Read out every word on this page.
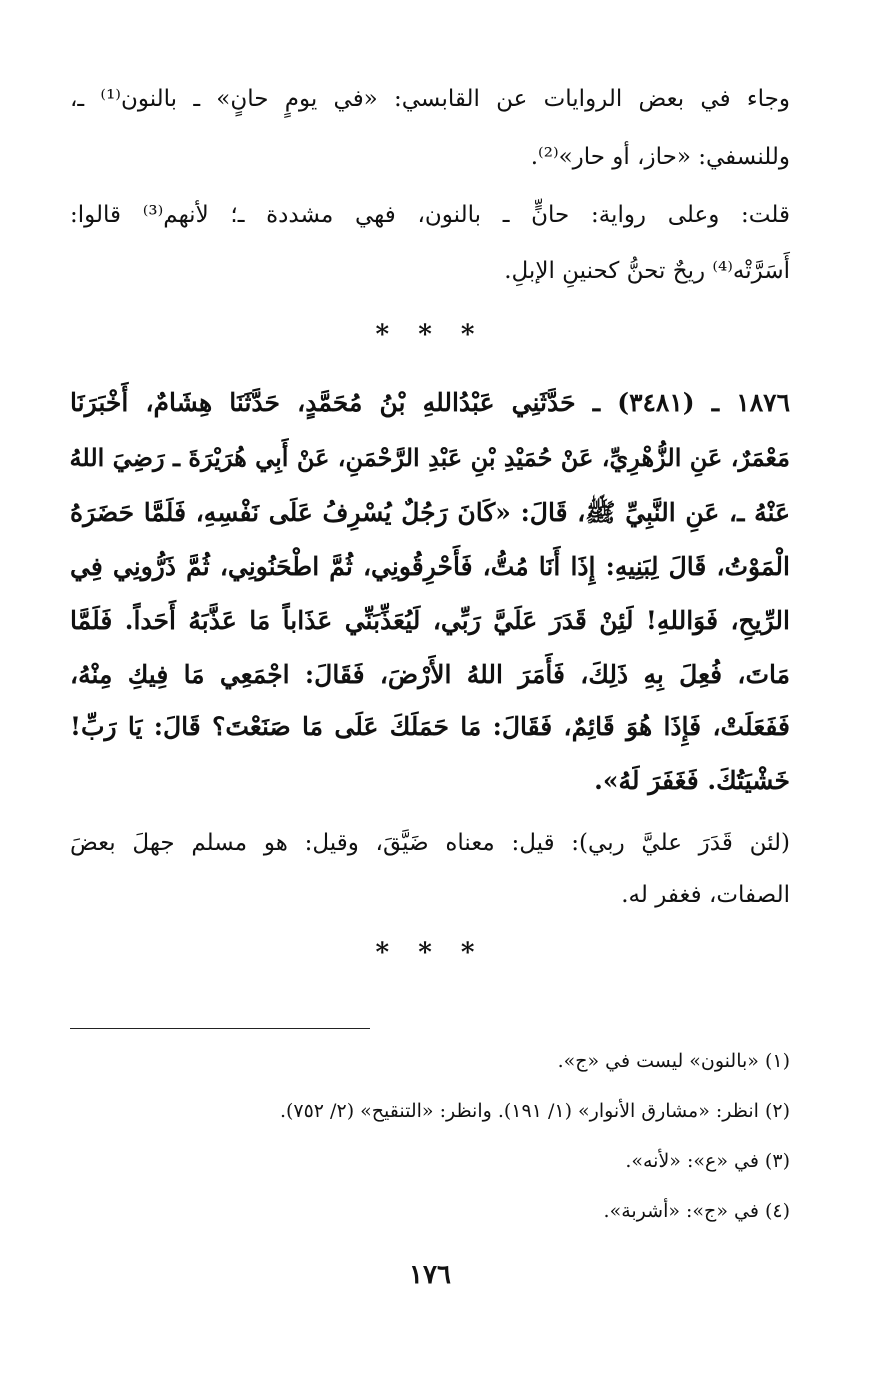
وجاء في بعض الروايات عن القابسي: «في يومٍ حانٍ» ـ بالنون⁽¹⁾ ـ،
وللنسفي: «حاز، أو حار»⁽²⁾.
قلت: وعلى رواية: حانٍّ ـ بالنون، فهي مشددة ـ؛ لأنهم⁽³⁾ قالوا:
أَسَرَّتْه⁽⁴⁾ ريحٌ تحنُّ كحنينِ الإبلِ.
* * *
١٨٧٦ ـ (٣٤٨١) ـ حَدَّثَنِي عَبْدُاللهِ بْنُ مُحَمَّدٍ، حَدَّثَنَا هِشَامٌ، أَخْبَرَنَا
مَعْمَرٌ، عَنِ الزُّهْرِيِّ، عَنْ حُمَيْدِ بْنِ عَبْدِ الرَّحْمَنِ، عَنْ أَبِي هُرَيْرَةَ ـ رَضِيَ اللهُ
عَنْهُ ـ، عَنِ النَّبِيِّ ﷺ، قَالَ: «كَانَ رَجُلٌ يُسْرِفُ عَلَى نَفْسِهِ، فَلَمَّا حَضَرَهُ
الْمَوْتُ، قَالَ لِبَنِيهِ: إِذَا أَنَا مُتُّ، فَأَحْرِقُونِي، ثُمَّ اطْحَنُونِي، ثُمَّ ذَرُّونِي فِي
الرِّيحِ، فَوَاللهِ! لَئِنْ قَدَرَ عَلَيَّ رَبِّي، لَيُعَذِّبَنِّي عَذَاباً مَا عَذَّبَهُ أَحَداً. فَلَمَّا
مَاتَ، فُعِلَ بِهِ ذَلِكَ، فَأَمَرَ اللهُ الأَرْضَ، فَقَالَ: اجْمَعِي مَا فِيكِ مِنْهُ،
فَفَعَلَتْ، فَإِذَا هُوَ قَائِمٌ، فَقَالَ: مَا حَمَلَكَ عَلَى مَا صَنَعْتَ؟ قَالَ: يَا رَبِّ!
خَشْيَتُكَ. فَغَفَرَ لَهُ».
(لئن قَدَرَ عليَّ ربي): قيل: معناه ضَيَّقَ، وقيل: هو مسلم جهلَ بعضَ
الصفات، فغفر له.
* * *
(١) «بالنون» ليست في «ج».
(٢) انظر: «مشارق الأنوار» (١/ ١٩١). وانظر: «التنقيح» (٢/ ٧٥٢).
(٣) في «ع»: «لأنه».
(٤) في «ج»: «أشربة».
١٧٦
